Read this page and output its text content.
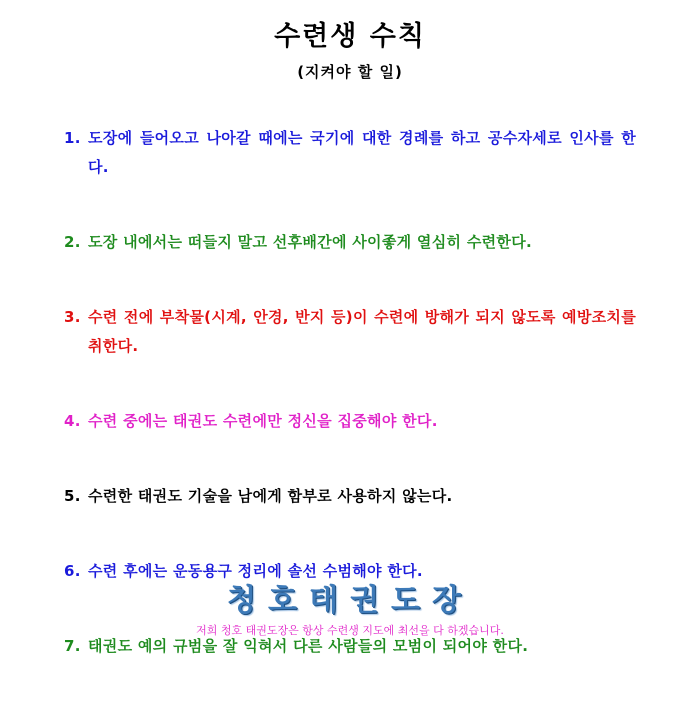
수련생 수칙
(지켜야 할 일)
1. 도장에 들어오고 나아갈 때에는 국기에 대한 경례를 하고 공수자세로 인사를 한다.
2. 도장 내에서는 떠들지 말고 선후배간에 사이좋게 열심히 수련한다.
3. 수련 전에 부착물(시계, 안경, 반지 등)이 수련에 방해가 되지 않도록 예방조치를 취한다.
4. 수련 중에는 태권도 수련에만 정신을 집중해야 한다.
5. 수련한 태권도 기술을 남에게 함부로 사용하지 않는다.
6. 수련 후에는 운동용구 정리에 솔선 수범해야 한다.
7. 태권도 예의 규범을 잘 익혀서 다른 사람들의 모범이 되어야 한다.
청호태권도장
저희 청호 태권도장은 항상 수련생 지도에 최선을 다 하겠습니다.
